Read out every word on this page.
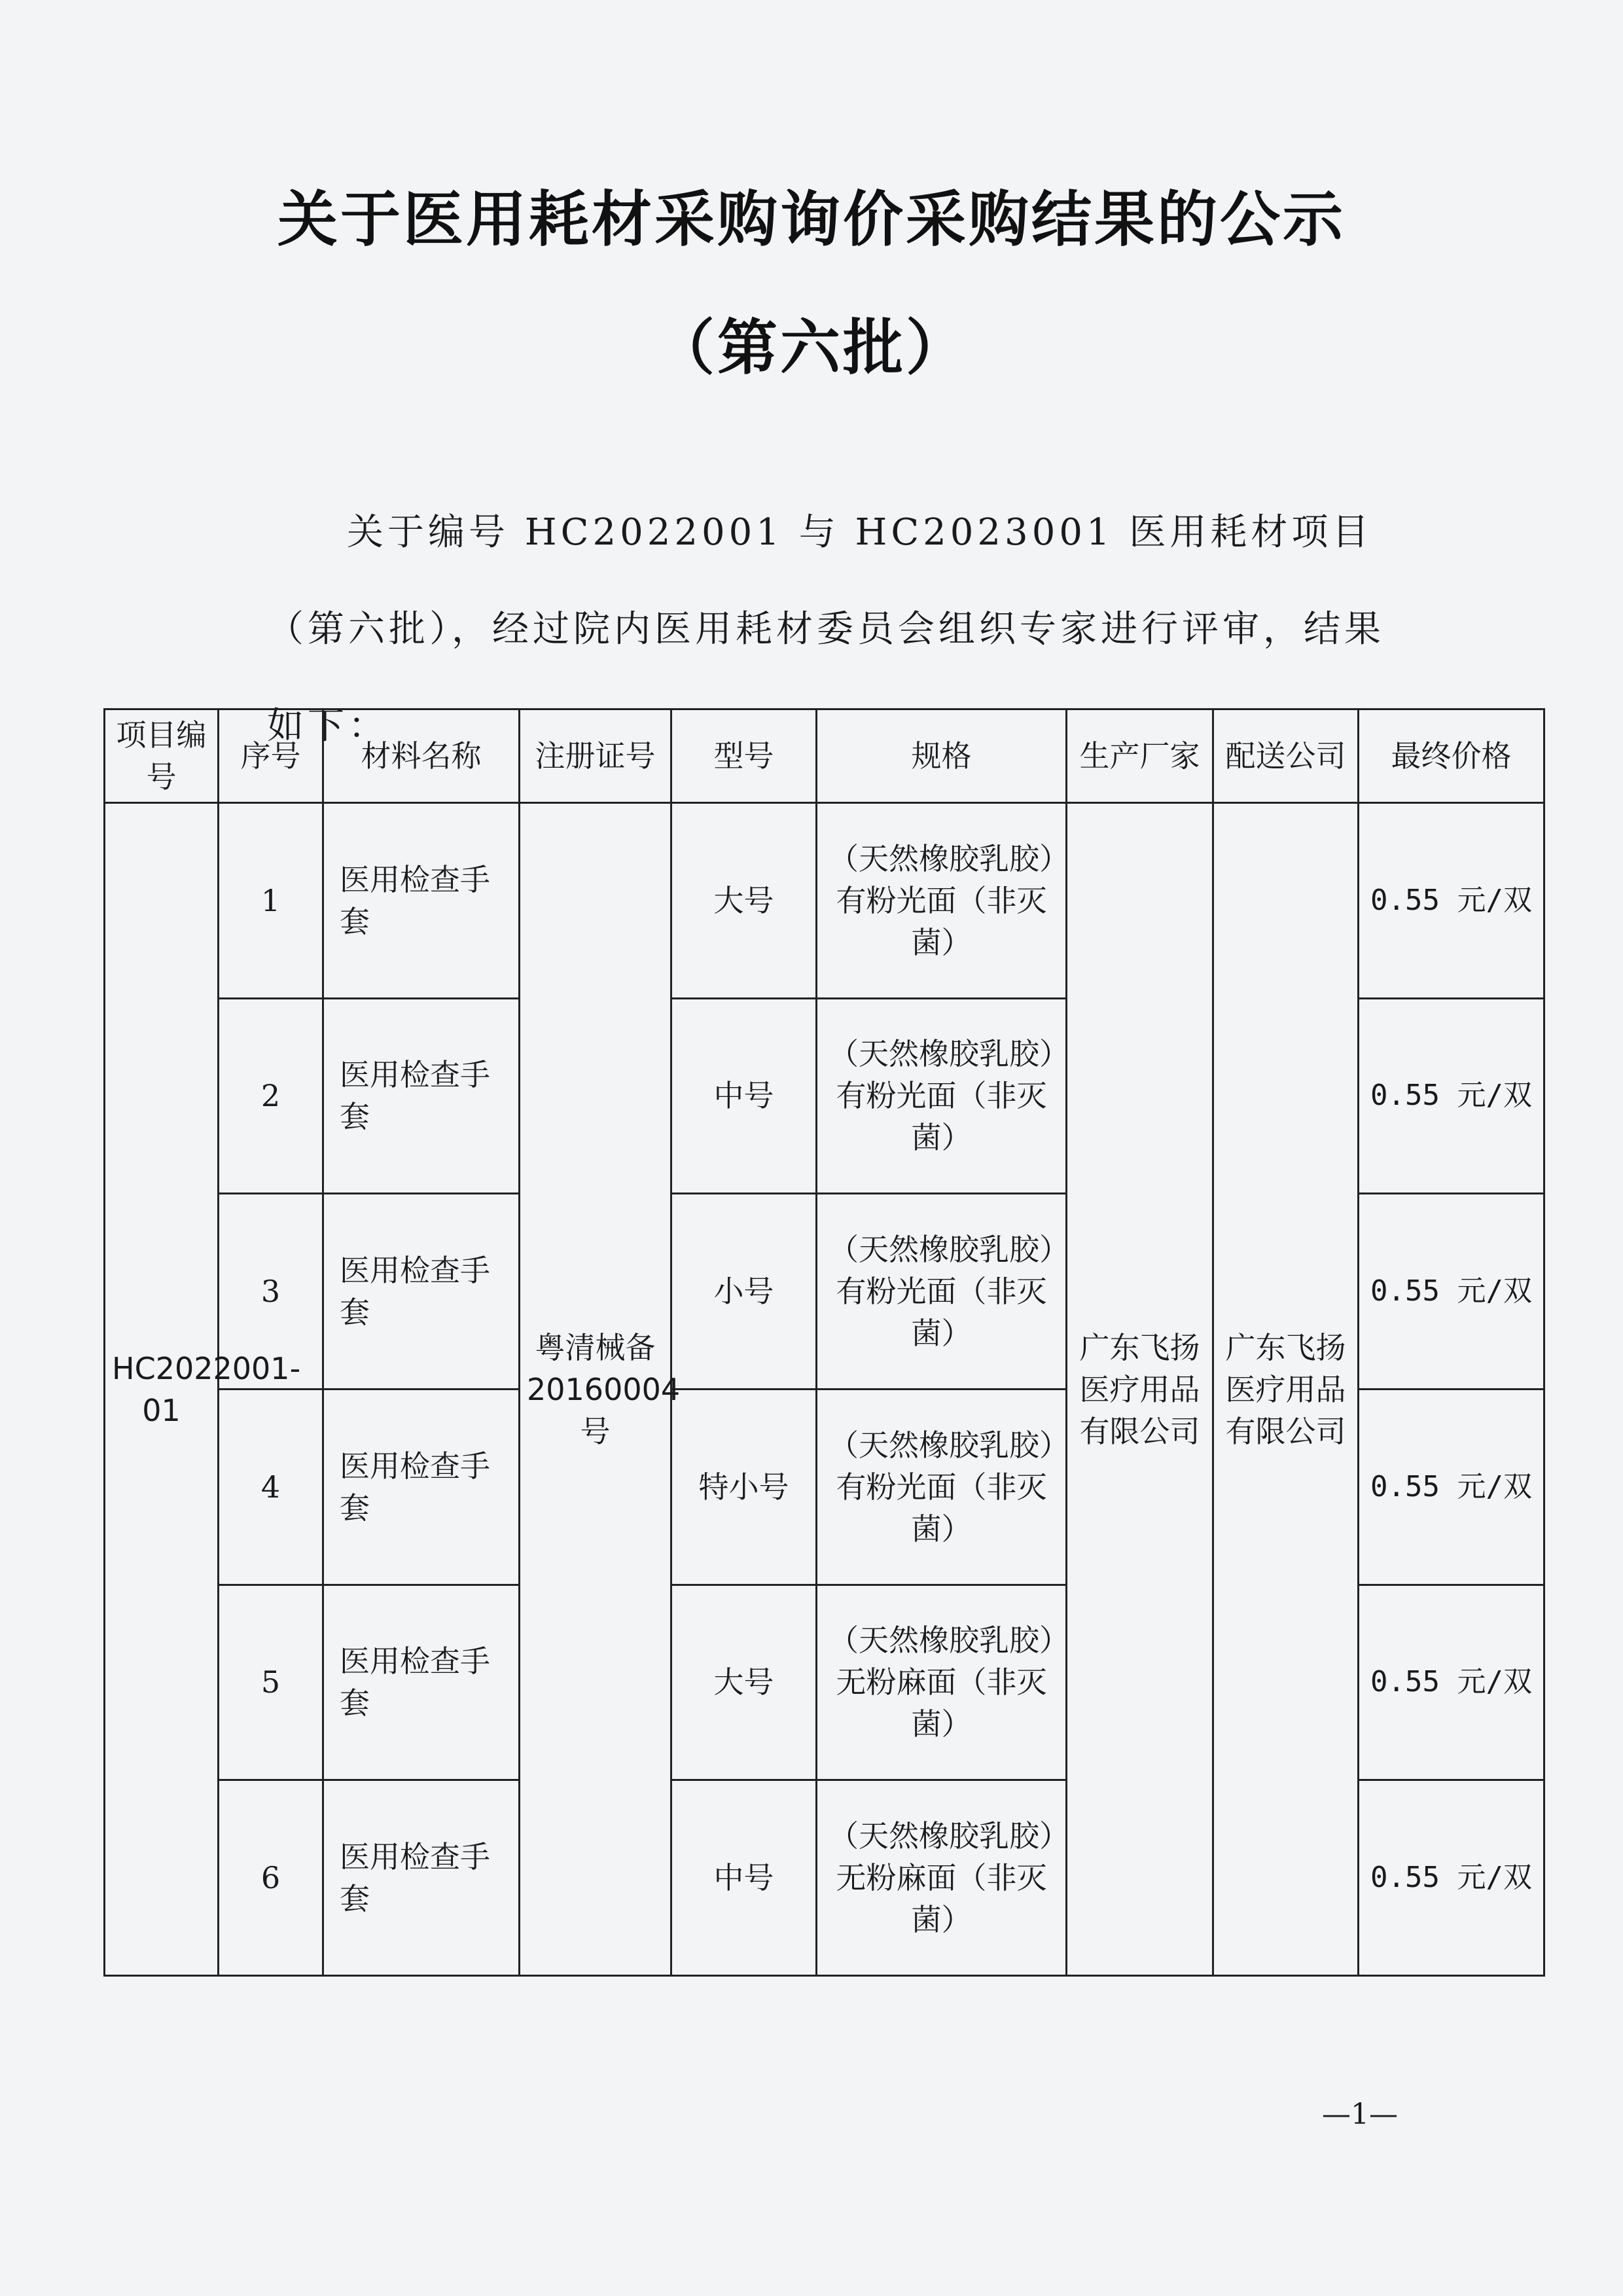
关于医用耗材采购询价采购结果的公示
（第六批）
关于编号 HC2022001 与 HC2023001 医用耗材项目（第六批），经过院内医用耗材委员会组织专家进行评审，结果如下：
项目编号	序号	材料名称	注册证号	型号	规格	生产厂家	配送公司	最终价格
HC2022001-01	1	医用检查手套	粤清械备20160004号	大号	（天然橡胶乳胶）有粉光面（非灭菌）	广东飞扬医疗用品有限公司	广东飞扬医疗用品有限公司	0.55 元/双
	2	医用检查手套		中号	（天然橡胶乳胶）有粉光面（非灭菌）			0.55 元/双
	3	医用检查手套		小号	（天然橡胶乳胶）有粉光面（非灭菌）			0.55 元/双
	4	医用检查手套		特小号	（天然橡胶乳胶）有粉光面（非灭菌）			0.55 元/双
	5	医用检查手套		大号	（天然橡胶乳胶）无粉麻面（非灭菌）			0.55 元/双
	6	医用检查手套		中号	（天然橡胶乳胶）无粉麻面（非灭菌）			0.55 元/双
—1—
